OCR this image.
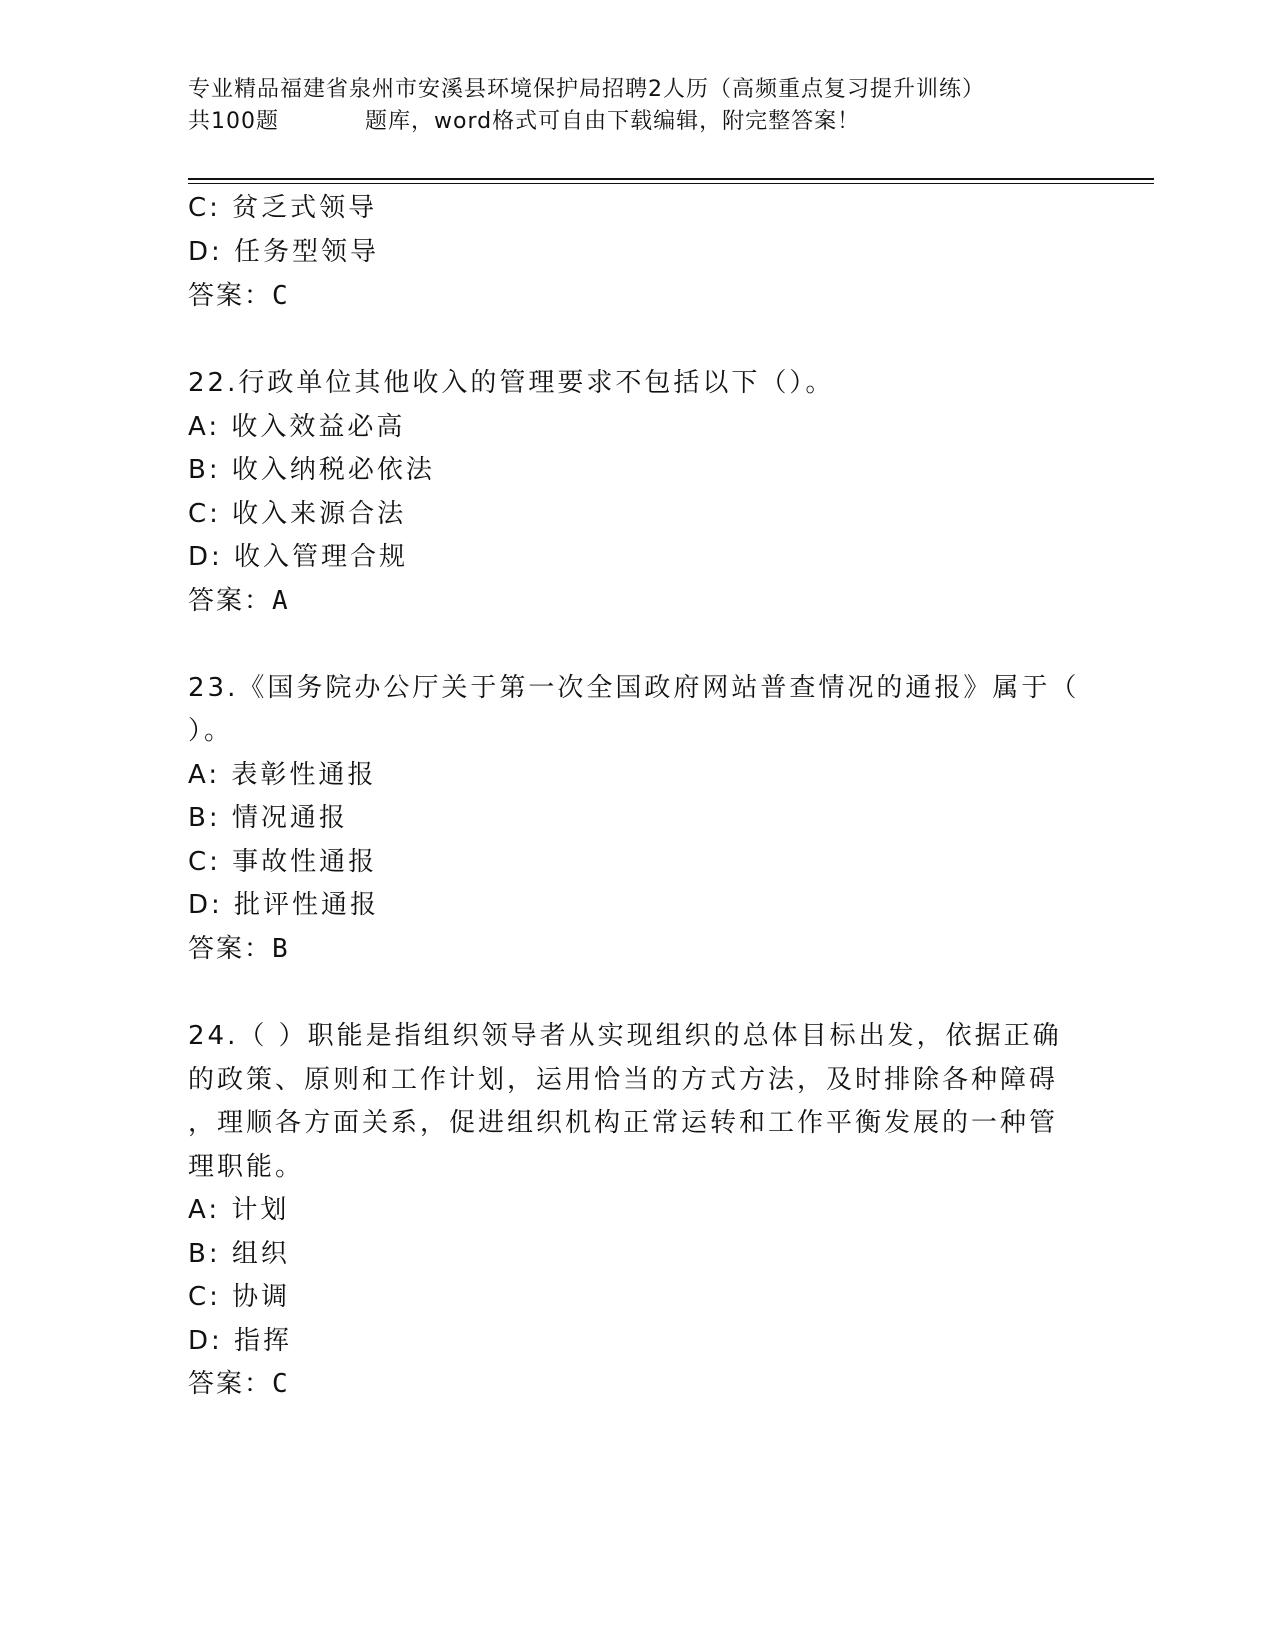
专业精品福建省泉州市安溪县环境保护局招聘2人历（高频重点复习提升训练）
共100题	题库，word格式可自由下载编辑，附完整答案！
C: 贫乏式领导
D: 任务型领导
答案：C
22.行政单位其他收入的管理要求不包括以下（）。
A: 收入效益必高
B: 收入纳税必依法
C: 收入来源合法
D: 收入管理合规
答案：A
23.《国务院办公厅关于第一次全国政府网站普查情况的通报》属于（
）。
A: 表彰性通报
B: 情况通报
C: 事故性通报
D: 批评性通报
答案：B
24.（ ）职能是指组织领导者从实现组织的总体目标出发，依据正确
的政策、原则和工作计划，运用恰当的方式方法，及时排除各种障碍
，理顺各方面关系，促进组织机构正常运转和工作平衡发展的一种管
理职能。
A: 计划
B: 组织
C: 协调
D: 指挥
答案：C
